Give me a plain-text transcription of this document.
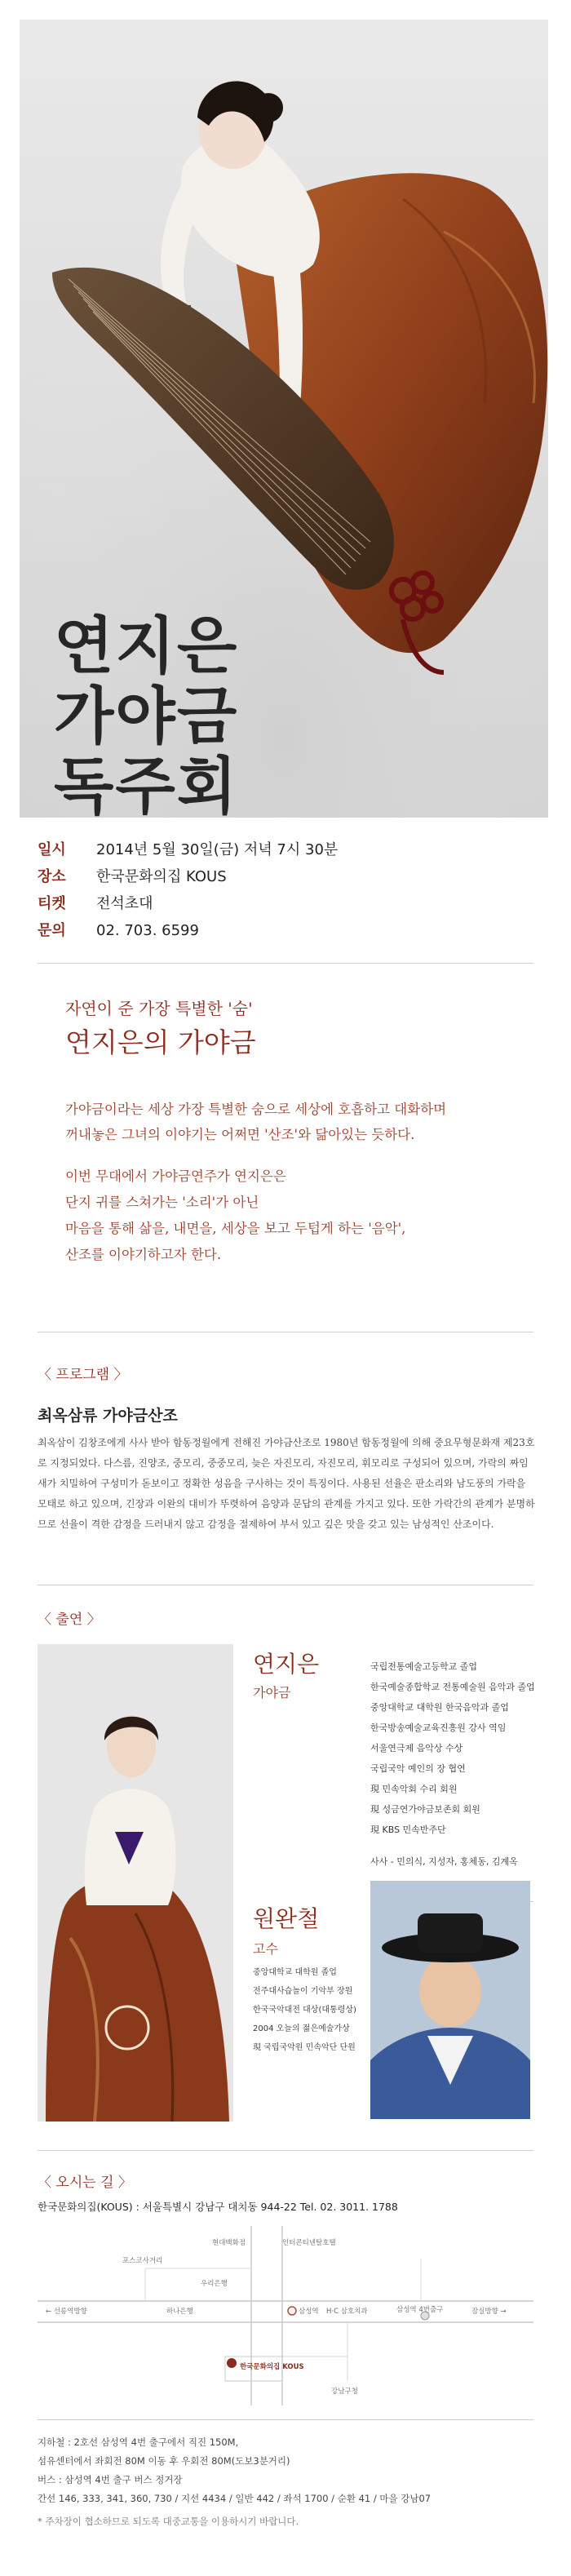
연지은
가야금
독주회
일시	2014년 5월 30일(금) 저녁 7시 30분
장소	한국문화의집 KOUS
티켓	전석초대
문의	02. 703. 6599
자연이 준 가장 특별한 '숨'
연지은의 가야금
가야금이라는 세상 가장 특별한 숨으로 세상에 호흡하고 대화하며
꺼내놓은 그녀의 이야기는 어쩌면 '산조'와 닮아있는 듯하다.
이번 무대에서 가야금연주가 연지은은
단지 귀를 스쳐가는 '소리'가 아닌
마음을 통해 삶을, 내면을, 세상을 보고 두텁게 하는 '음악',
산조를 이야기하고자 한다.
〈 프로그램 〉
최옥삼류 가야금산조
최옥삼이 김창조에게 사사 받아 함동정월에게 전해진 가야금산조로 1980년 함동정월에 의해 중요무형문화재 제23호로 지정되었다. 다스름, 진양조, 중모리, 중중모리, 늦은 자진모리, 자진모리, 휘모리로 구성되어 있으며, 가락의 짜임새가 치밀하여 구성미가 돋보이고 정확한 성음을 구사하는 것이 특징이다. 사용된 선율은 판소리와 남도풍의 가락을 모태로 하고 있으며, 긴장과 이완의 대비가 뚜렷하여 음양과 문답의 관계를 가지고 있다. 또한 가락간의 관계가 분명하므로 선율이 격한 감정을 드러내지 않고 감정을 절제하여 부서 있고 깊은 맛을 갖고 있는 남성적인 산조이다.
〈 출연 〉
연지은
가야금
국립전통예술고등학교 졸업
한국예술종합학교 전통예술원 음악과 졸업
중앙대학교 대학원 한국음악과 졸업
한국방송예술교육진흥원 강사 역임
서울연극제 음악상 수상
국립국악 예인의 장 협연
現 민속악회 수리 회원
現 성금연가야금보존회 회원
現 KBS 민속반주단
사사 - 민의식, 지성자, 홍체동, 김계옥
원완철
고수
중앙대학교 대학원 졸업
전주대사습놀이 기악부 장원
한국국악대전 대상(대통령상)
2004 오늘의 젊은예술가상
現 국립국악원 민속악단 단원
〈 오시는 길 〉
한국문화의집(KOUS) : 서울특별시 강남구 대치동 944-22 Tel. 02. 3011. 1788
포스코사거리
현대백화점	인터콘티넨탈호텔
← 선릉역방향	잠실방향 →
하나은행	삼성역
우리은행
H·C 삼호치과	삼성역 4번출구
한국문화의집 KOUS
강남구청
지하철 : 2호선 삼성역 4번 출구에서 직진 150M,
섬유센터에서 좌회전 80M 이동 후 우회전 80M(도보3분거리)
버스 : 삼성역 4번 출구 버스 정거장
간선 146, 333, 341, 360, 730 / 지선 4434 / 일반 442 / 좌석 1700 / 순환 41 / 마을 강남07
* 주차장이 협소하므로 되도록 대중교통을 이용하시기 바랍니다.
